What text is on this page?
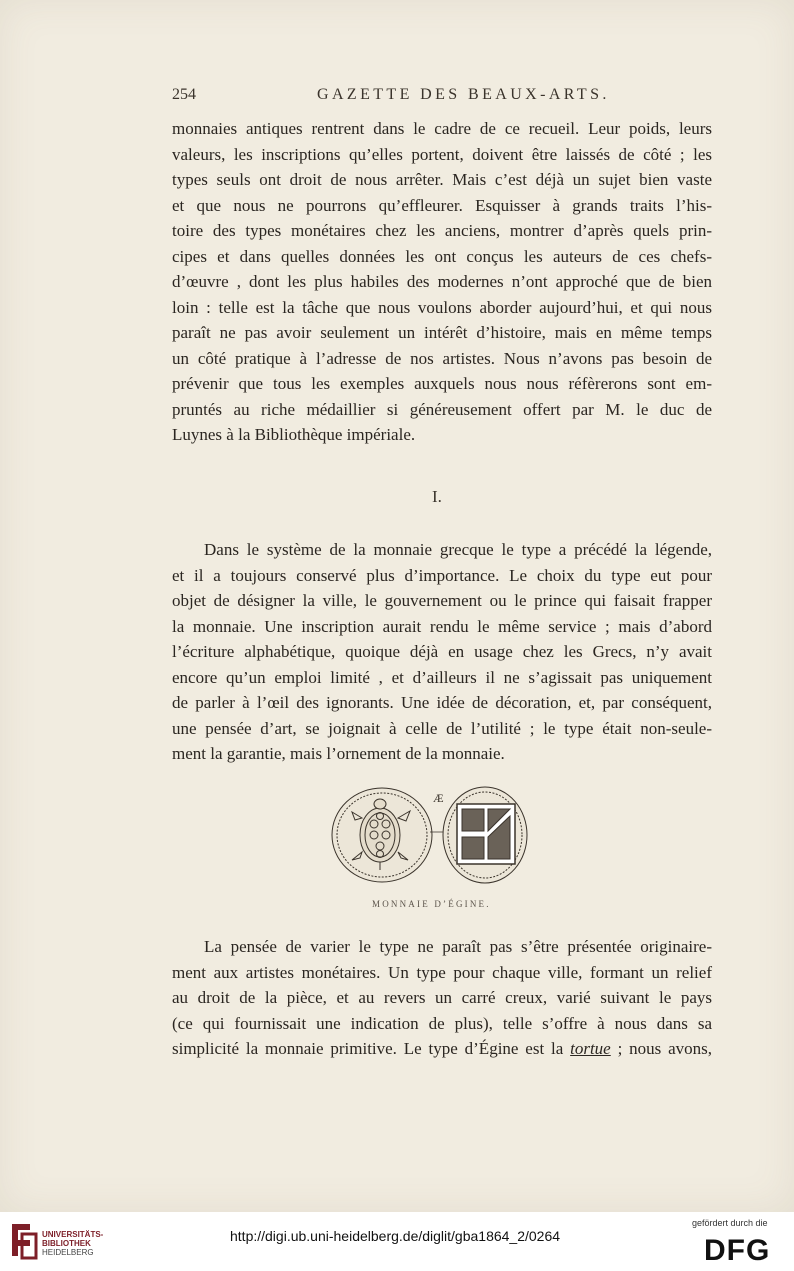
254	GAZETTE DES BEAUX-ARTS.
monnaies antiques rentrent dans le cadre de ce recueil. Leur poids, leurs
valeurs, les inscriptions qu’elles portent, doivent être laissés de côté ; les
types seuls ont droit de nous arrêter. Mais c’est déjà un sujet bien vaste
et que nous ne pourrons qu’effleurer. Esquisser à grands traits l’his-
toire des types monétaires chez les anciens, montrer d’après quels prin-
cipes et dans quelles données les ont conçus les auteurs de ces chefs-
d’œuvre , dont les plus habiles des modernes n’ont approché que de bien
loin : telle est la tâche que nous voulons aborder aujourd’hui, et qui nous
paraît ne pas avoir seulement un intérêt d’histoire, mais en même temps
un côté pratique à l’adresse de nos artistes. Nous n’avons pas besoin de
prévenir que tous les exemples auxquels nous nous réfèrerons sont em-
pruntés au riche médaillier si généreusement offert par M. le duc de
Luynes à la Bibliothèque impériale.
I.
Dans le système de la monnaie grecque le type a précédé la légende,
et il a toujours conservé plus d’importance. Le choix du type eut pour
objet de désigner la ville, le gouvernement ou le prince qui faisait frapper
la monnaie. Une inscription aurait rendu le même service ; mais d’abord
l’écriture alphabétique, quoique déjà en usage chez les Grecs, n’y avait
encore qu’un emploi limité , et d’ailleurs il ne s’agissait pas uniquement
de parler à l’œil des ignorants. Une idée de décoration, et, par conséquent,
une pensée d’art, se joignait à celle de l’utilité ; le type était non-seule-
ment la garantie, mais l’ornement de la monnaie.
Æ
MONNAIE D’ÉGINE.
La pensée de varier le type ne paraît pas s’être présentée originaire-
ment aux artistes monétaires. Un type pour chaque ville, formant un relief
au droit de la pièce, et au revers un carré creux, varié suivant le pays
(ce qui fournissait une indication de plus), telle s’offre à nous dans sa
simplicité la monnaie primitive. Le type d’Égine est la tortue ; nous avons,
UNIVERSITÄTS-
BIBLIOTHEK
HEIDELBERG
http://digi.ub.uni-heidelberg.de/diglit/gba1864_2/0264
gefördert durch die
DFG
